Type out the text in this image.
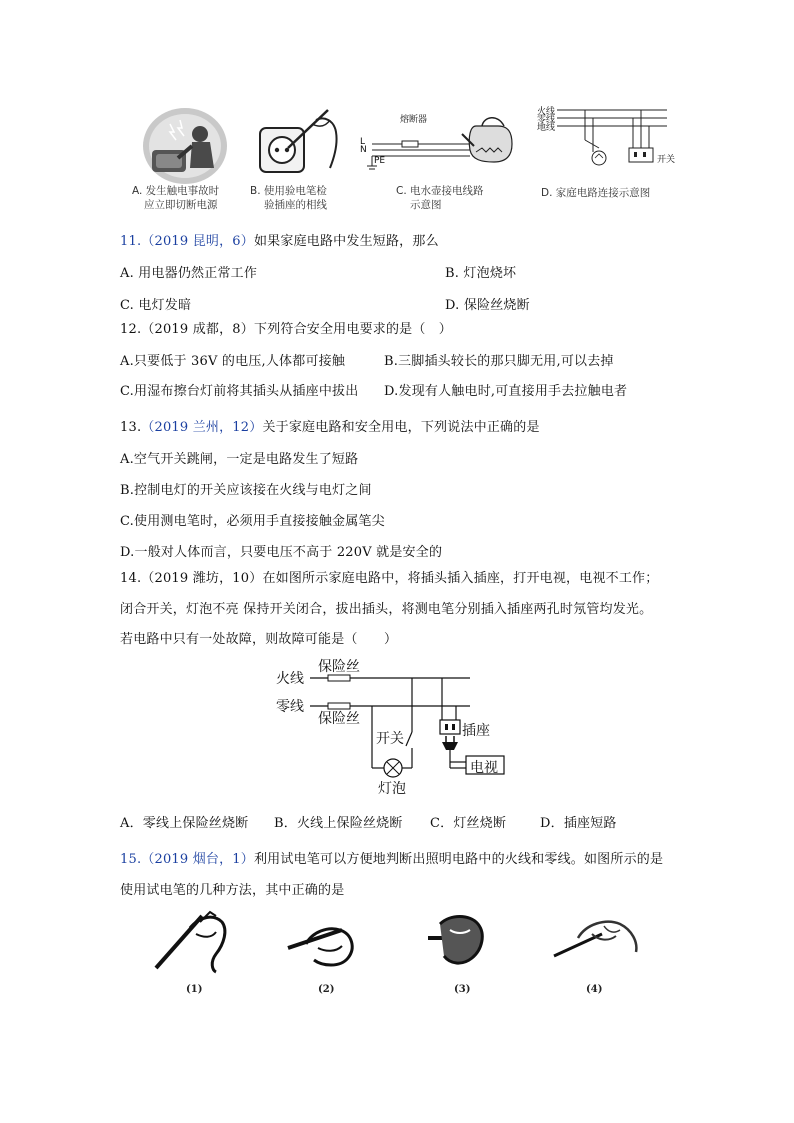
A. 发生触电事故时
应立即切断电源
B. 使用验电笔检
验插座的相线
熔断器
L
N
PE
C. 电水壶接电线路
示意图
火线
零线
地线
开关
D. 家庭电路连接示意图
11.（2019 昆明，6）如果家庭电路中发生短路，那么
A. 用电器仍然正常工作	B. 灯泡烧坏
C. 电灯发暗	D. 保险丝烧断
12.（2019 成都，8）下列符合安全用电要求的是（　）
A.只要低于 36V 的电压,人体都可接触	B.三脚插头较长的那只脚无用,可以去掉
C.用湿布擦台灯前将其插头从插座中拔出 D.发现有人触电时,可直接用手去拉触电者
13.（2019 兰州，12）关于家庭电路和安全用电，下列说法中正确的是
A.空气开关跳闸，一定是电路发生了短路
B.控制电灯的开关应该接在火线与电灯之间
C.使用测电笔时，必须用手直接接触金属笔尖
D.一般对人体而言，只要电压不高于 220V 就是安全的
14.（2019 潍坊，10）在如图所示家庭电路中，将插头插入插座，打开电视，电视不工作；
闭合开关，灯泡不亮 保持开关闭合，拔出插头，将测电笔分别插入插座两孔时氖管均发光。
若电路中只有一处故障，则故障可能是（　　）
火线
零线
保险丝
保险丝
开关
灯泡
插座
电视
A．零线上保险丝烧断 B．火线上保险丝烧断 C．灯丝烧断	D．插座短路
15.（2019 烟台，1）利用试电笔可以方便地判断出照明电路中的火线和零线。如图所示的是
使用试电笔的几种方法，其中正确的是
(1)	(2)	(3)	(4)
